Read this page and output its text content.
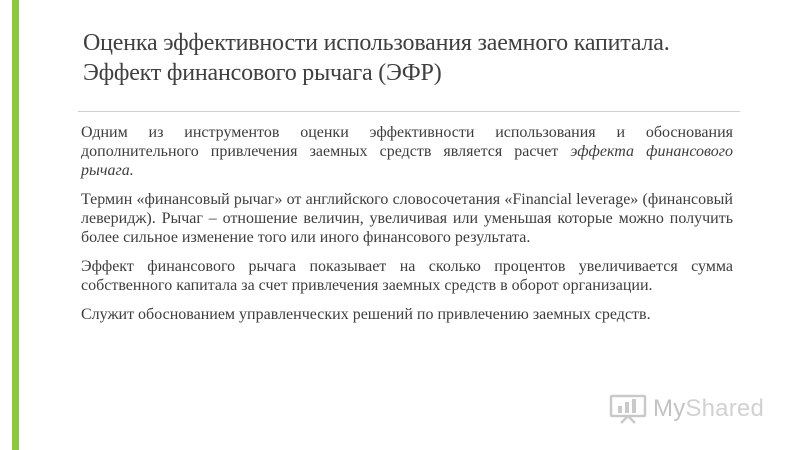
Оценка эффективности использования заемного капитала.
Эффект финансового рычага (ЭФР)

Одним из инструментов оценки эффективности использования и обоснования дополнительного привлечения заемных средств является расчет эффекта финансового рычага.

Термин «финансовый рычаг» от английского словосочетания «Financial leverage» (финансовый леверидж). Рычаг – отношение величин, увеличивая или уменьшая которые можно получить более сильное изменение того или иного финансового результата.

Эффект финансового рычага показывает на сколько процентов увеличивается сумма собственного капитала за счет привлечения заемных средств в оборот организации.

Служит обоснованием управленческих решений по привлечению заемных средств.

MyShared
